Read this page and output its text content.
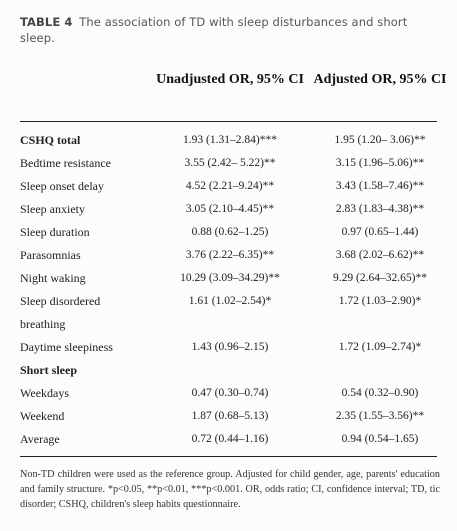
TABLE 4 The association of TD with sleep disturbances and short sleep.
Unadjusted OR, 95% CI Adjusted OR, 95% CI
CSHQ total	1.93 (1.31–2.84)***	1.95 (1.20– 3.06)**
Bedtime resistance	3.55 (2.42– 5.22)**	3.15 (1.96–5.06)**
Sleep onset delay	4.52 (2.21–9.24)**	3.43 (1.58–7.46)**
Sleep anxiety	3.05 (2.10–4.45)**	2.83 (1.83–4.38)**
Sleep duration	0.88 (0.62–1.25)	0.97 (0.65–1.44)
Parasomnias	3.76 (2.22–6.35)**	3.68 (2.02–6.62)**
Night waking	10.29 (3.09–34.29)**	9.29 (2.64–32.65)**
Sleep disordered	1.61 (1.02–2.54)*	1.72 (1.03–2.90)*
breathing
Daytime sleepiness	1.43 (0.96–2.15)	1.72 (1.09–2.74)*
Short sleep
Weekdays	0.47 (0.30–0.74)	0.54 (0.32–0.90)
Weekend	1.87 (0.68–5.13)	2.35 (1.55–3.56)**
Average	0.72 (0.44–1.16)	0.94 (0.54–1.65)
Non-TD children were used as the reference group. Adjusted for child gender, age, parents' education and family structure. *p<0.05, **p<0.01, ***p<0.001. OR, odds ratio; CI, confidence interval; TD, tic disorder; CSHQ, children's sleep habits questionnaire.
